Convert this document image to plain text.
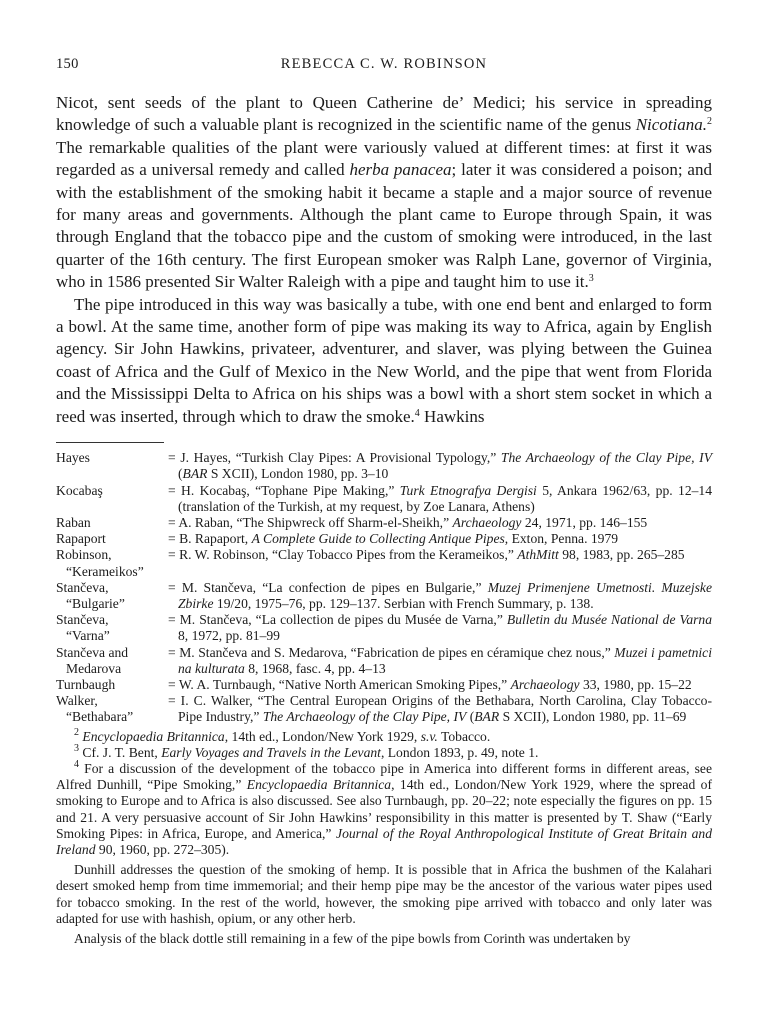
150	REBECCA C. W. ROBINSON

Nicot, sent seeds of the plant to Queen Catherine de’ Medici; his service in spreading knowledge of such a valuable plant is recognized in the scientific name of the genus Nicotiana.$^2$ The remarkable qualities of the plant were variously valued at different times: at first it was regarded as a universal remedy and called herba panacea; later it was considered a poison; and with the establishment of the smoking habit it became a staple and a major source of revenue for many areas and governments. Although the plant came to Europe through Spain, it was through England that the tobacco pipe and the custom of smoking were introduced, in the last quarter of the 16th century. The first European smoker was Ralph Lane, governor of Virginia, who in 1586 presented Sir Walter Raleigh with a pipe and taught him to use it.$^3$

The pipe introduced in this way was basically a tube, with one end bent and enlarged to form a bowl. At the same time, another form of pipe was making its way to Africa, again by English agency. Sir John Hawkins, privateer, adventurer, and slaver, was plying between the Guinea coast of Africa and the Gulf of Mexico in the New World, and the pipe that went from Florida and the Mississippi Delta to Africa on his ships was a bowl with a short stem socket in which a reed was inserted, through which to draw the smoke.$^4$ Hawkins

Hayes	= J. Hayes, “Turkish Clay Pipes: A Provisional Typology,” The Archaeology of the Clay Pipe, IV (BAR S XCII), London 1980, pp. 3–10
Kocabaş	= H. Kocabaş, “Tophane Pipe Making,” Turk Etnografya Dergisi 5, Ankara 1962/63, pp. 12–14 (translation of the Turkish, at my request, by Zoe Lanara, Athens)
Raban	= A. Raban, “The Shipwreck off Sharm-el-Sheikh,” Archaeology 24, 1971, pp. 146–155
Rapaport	= B. Rapaport, A Complete Guide to Collecting Antique Pipes, Exton, Penna. 1979
Robinson,
“Kerameikos”
= R. W. Robinson, “Clay Tobacco Pipes from the Kerameikos,” AthMitt 98, 1983, pp. 265–285
Stančeva,
“Bulgarie”
= M. Stančeva, “La confection de pipes en Bulgarie,” Muzej Primenjene Umetnosti. Muzejske Zbirke 19/20, 1975–76, pp. 129–137. Serbian with French Summary, p. 138.
Stančeva,
“Varna”
= M. Stančeva, “La collection de pipes du Musée de Varna,” Bulletin du Musée National de Varna 8, 1972, pp. 81–99
Stančeva and
Medarova
= M. Stančeva and S. Medarova, “Fabrication de pipes en céramique chez nous,” Muzei i pametnici na kulturata 8, 1968, fasc. 4, pp. 4–13
Turnbaugh	= W. A. Turnbaugh, “Native North American Smoking Pipes,” Archaeology 33, 1980, pp. 15–22
Walker,
“Bethabara”
= I. C. Walker, “The Central European Origins of the Bethabara, North Carolina, Clay Tobacco-Pipe Industry,” The Archaeology of the Clay Pipe, IV (BAR S XCII), London 1980, pp. 11–69

$^2$ Encyclopaedia Britannica, 14th ed., London/New York 1929, s.v. Tobacco.

$^3$ Cf. J. T. Bent, Early Voyages and Travels in the Levant, London 1893, p. 49, note 1.

$^4$ For a discussion of the development of the tobacco pipe in America into different forms in different areas, see Alfred Dunhill, “Pipe Smoking,” Encyclopaedia Britannica, 14th ed., London/New York 1929, where the spread of smoking to Europe and to Africa is also discussed. See also Turnbaugh, pp. 20–22; note especially the figures on pp. 15 and 21. A very persuasive account of Sir John Hawkins’ responsibility in this matter is presented by T. Shaw (“Early Smoking Pipes: in Africa, Europe, and America,” Journal of the Royal Anthropological Institute of Great Britain and Ireland 90, 1960, pp. 272–305).

Dunhill addresses the question of the smoking of hemp. It is possible that in Africa the bushmen of the Kalahari desert smoked hemp from time immemorial; and their hemp pipe may be the ancestor of the various water pipes used for tobacco smoking. In the rest of the world, however, the smoking pipe arrived with tobacco and only later was adapted for use with hashish, opium, or any other herb.

Analysis of the black dottle still remaining in a few of the pipe bowls from Corinth was undertaken by
